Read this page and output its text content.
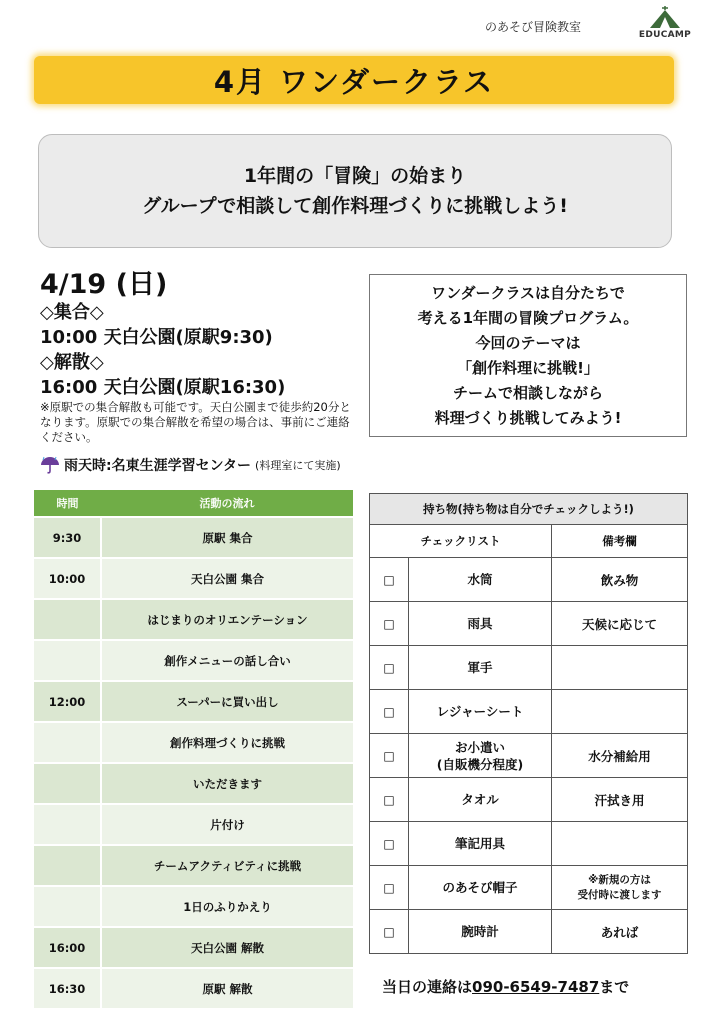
のあそび冒険教室
EDUCAMP
4月 ワンダークラス
1年間の「冒険」の始まり
グループで相談して創作料理づくりに挑戦しよう!
4/19 (日)
◇集合◇
10:00 天白公園(原駅9:30)
◇解散◇
16:00 天白公園(原駅16:30)
※原駅での集合解散も可能です。天白公園まで徒歩約20分となります。原駅での集合解散を希望の場合は、事前にご連絡ください。
雨天時:名東生涯学習センター (料理室にて実施)
ワンダークラスは自分たちで
考える1年間の冒険プログラム。
今回のテーマは
「創作料理に挑戦!」
チームで相談しながら
料理づくり挑戦してみよう!
時間	活動の流れ
9:30	原駅 集合
10:00	天白公園 集合
	はじまりのオリエンテーション
	創作メニューの話し合い
12:00	スーパーに買い出し
	創作料理づくりに挑戦
	いただきます
	片付け
	チームアクティビティに挑戦
	1日のふりかえり
16:00	天白公園 解散
16:30	原駅 解散
持ち物(持ち物は自分でチェックしよう!)		
チェックリスト		備考欄
□	水筒	飲み物
□	雨具	天候に応じて
□	軍手	
□	レジャーシート	
□	お小遣い
(自販機分程度)	水分補給用
□	タオル	汗拭き用
□	筆記用具	
□	のあそび帽子	※新規の方は
受付時に渡します
□	腕時計	あれば
当日の連絡は090-6549-7487まで
